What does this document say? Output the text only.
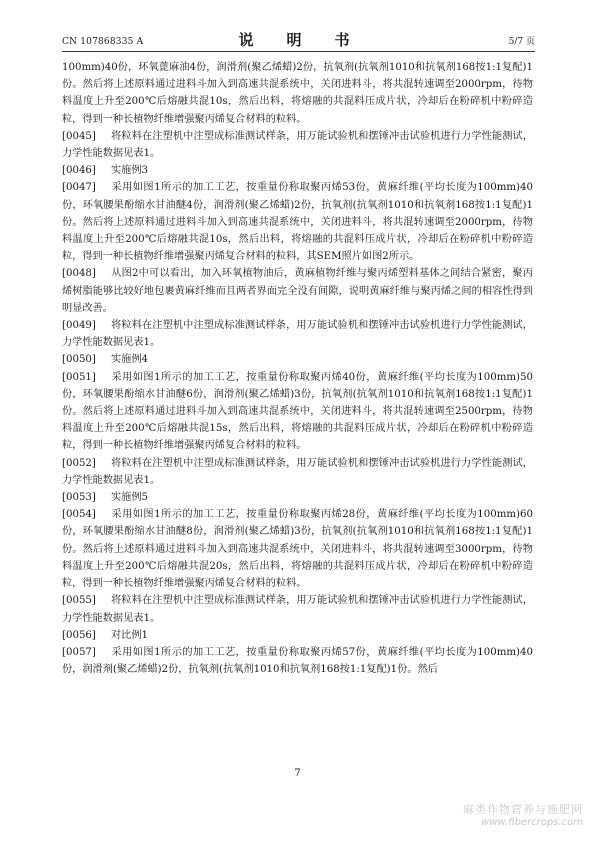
CN 107868335 A	说　明　书	5/7 页

100mm)40份，环氧蓖麻油4份，润滑剂(聚乙烯蜡)2份，抗氧剂(抗氧剂1010和抗氧剂168按1:1复配)1份。然后将上述原料通过进料斗加入到高速共混系统中，关闭进料斗，将共混转速调至2000rpm，待物料温度上升至200℃后熔融共混10s，然后出料，将熔融的共混料压成片状，冷却后在粉碎机中粉碎造粒，得到一种长植物纤维增强聚丙烯复合材料的粒料。

[0045] 将粒料在注塑机中注塑成标准测试样条，用万能试验机和摆锤冲击试验机进行力学性能测试，力学性能数据见表1。

[0046] 实施例3

[0047] 采用如图1所示的加工工艺，按重量份称取聚丙烯53份，黄麻纤维(平均长度为100mm)40份，环氧腰果酚缩水甘油醚4份，润滑剂(聚乙烯蜡)2份，抗氧剂(抗氧剂1010和抗氧剂168按1:1复配)1份。然后将上述原料通过进料斗加入到高速共混系统中，关闭进料斗，将共混转速调至2000rpm，待物料温度上升至200℃后熔融共混10s，然后出料，将熔融的共混料压成片状，冷却后在粉碎机中粉碎造粒，得到一种长植物纤维增强聚丙烯复合材料的粒料，其SEM照片如图2所示。

[0048] 从图2中可以看出，加入环氧植物油后，黄麻植物纤维与聚丙烯塑料基体之间结合紧密，聚丙烯树脂能够比较好地包裹黄麻纤维而且两者界面完全没有间隙，说明黄麻纤维与聚丙烯之间的相容性得到明显改善。

[0049] 将粒料在注塑机中注塑成标准测试样条，用万能试验机和摆锤冲击试验机进行力学性能测试，力学性能数据见表1。

[0050] 实施例4

[0051] 采用如图1所示的加工工艺，按重量份称取聚丙烯40份，黄麻纤维(平均长度为100mm)50份，环氧腰果酚缩水甘油醚6份，润滑剂(聚乙烯蜡)3份，抗氧剂(抗氧剂1010和抗氧剂168按1:1复配)1份。然后将上述原料通过进料斗加入到高速共混系统中，关闭进料斗，将共混转速调至2500rpm，待物料温度上升至200℃后熔融共混15s，然后出料，将熔融的共混料压成片状，冷却后在粉碎机中粉碎造粒，得到一种长植物纤维增强聚丙烯复合材料的粒料。

[0052] 将粒料在注塑机中注塑成标准测试样条，用万能试验机和摆锤冲击试验机进行力学性能测试，力学性能数据见表1。

[0053] 实施例5

[0054] 采用如图1所示的加工工艺，按重量份称取聚丙烯28份，黄麻纤维(平均长度为100mm)60份，环氧腰果酚缩水甘油醚8份，润滑剂(聚乙烯蜡)3份，抗氧剂(抗氧剂1010和抗氧剂168按1:1复配)1份。然后将上述原料通过进料斗加入到高速共混系统中，关闭进料斗，将共混转速调至3000rpm，待物料温度上升至200℃后熔融共混20s，然后出料，将熔融的共混料压成片状，冷却后在粉碎机中粉碎造粒，得到一种长植物纤维增强聚丙烯复合材料的粒料。

[0055] 将粒料在注塑机中注塑成标准测试样条，用万能试验机和摆锤冲击试验机进行力学性能测试，力学性能数据见表1。

[0056] 对比例1

[0057] 采用如图1所示的加工工艺，按重量份称取聚丙烯57份，黄麻纤维(平均长度为100mm)40份，润滑剂(聚乙烯蜡)2份，抗氧剂(抗氧剂1010和抗氧剂168按1:1复配)1份。然后

7
麻类作物营养与施肥网
www.fibercrops.com
